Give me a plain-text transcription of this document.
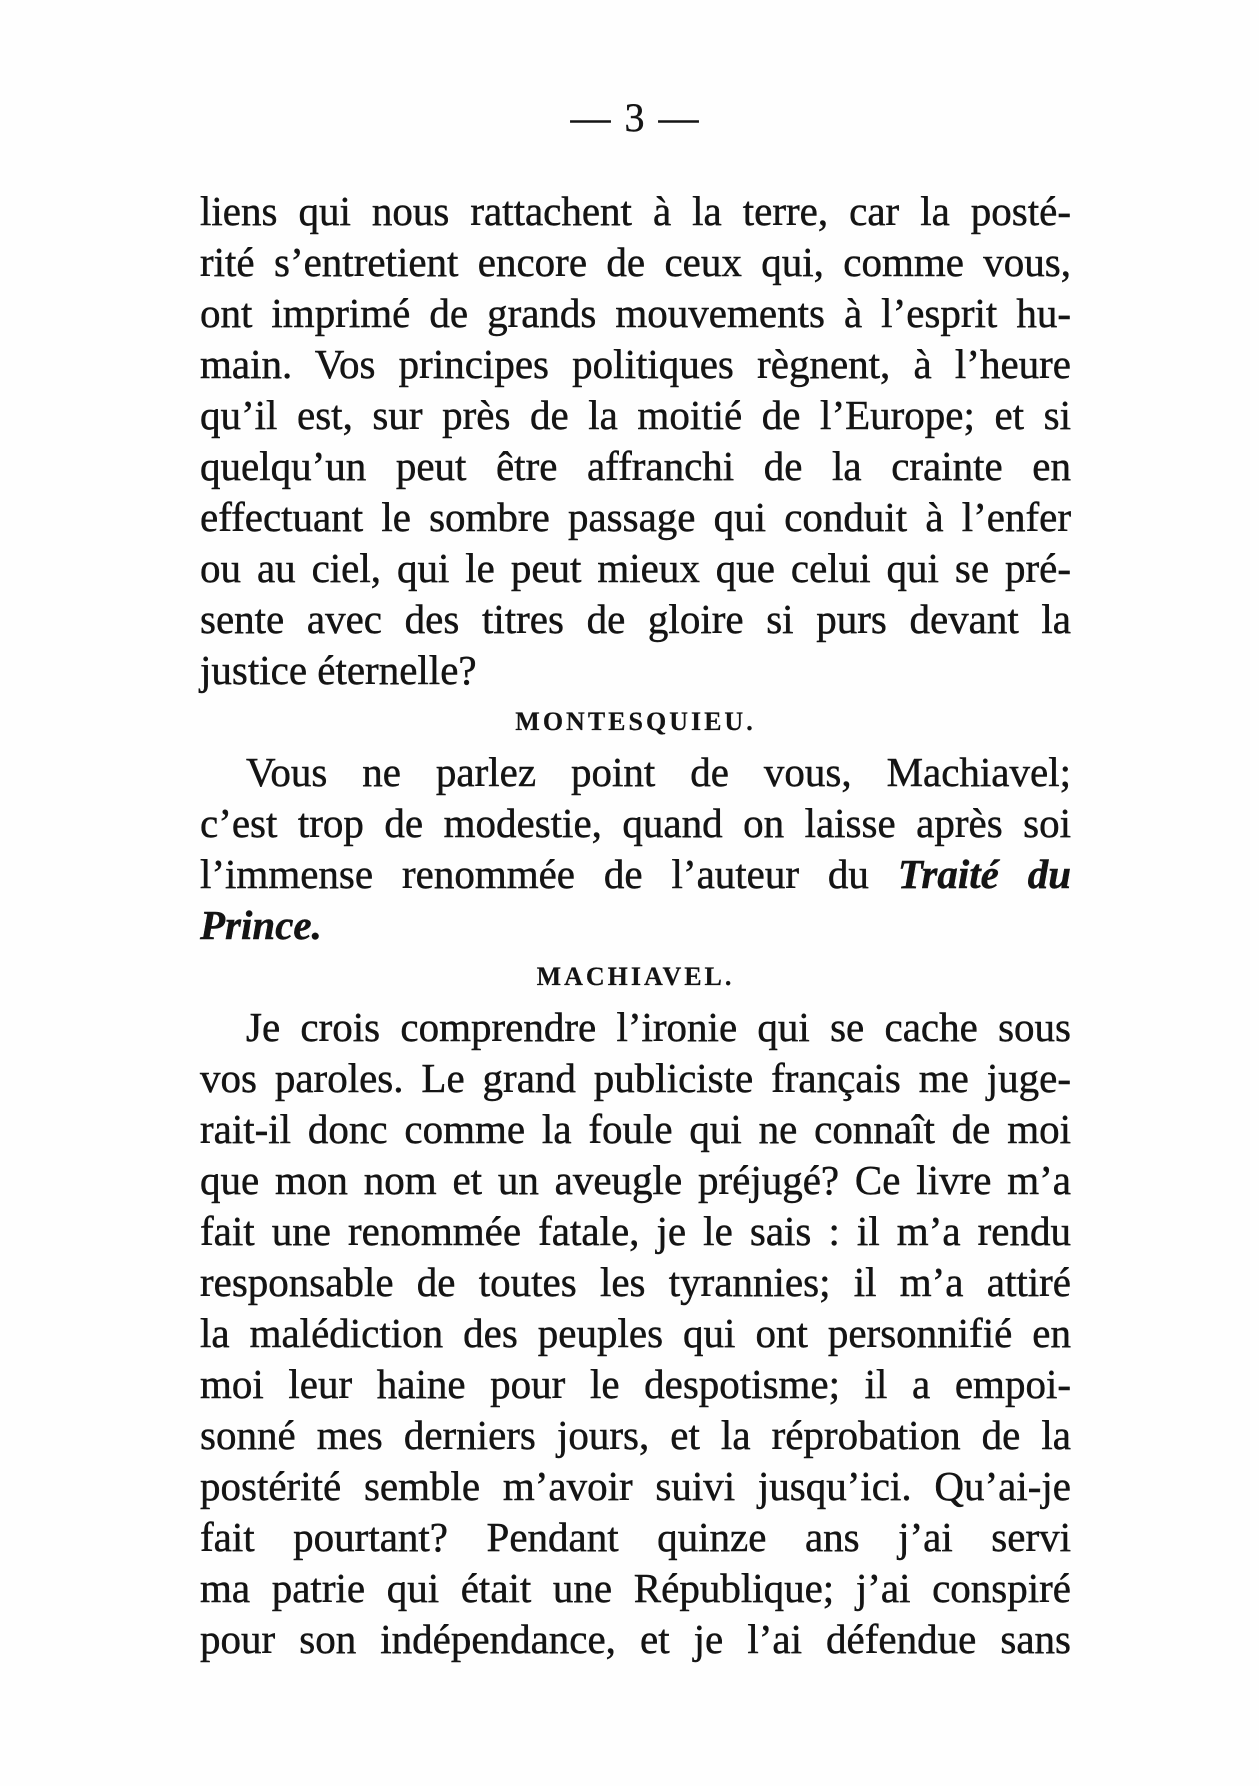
— 3 —
liens qui nous rattachent à la terre, car la posté-
rité s’entretient encore de ceux qui, comme vous,
ont imprimé de grands mouvements à l’esprit hu-
main. Vos principes politiques règnent, à l’heure
qu’il est, sur près de la moitié de l’Europe; et si
quelqu’un peut être affranchi de la crainte en
effectuant le sombre passage qui conduit à l’enfer
ou au ciel, qui le peut mieux que celui qui se pré-
sente avec des titres de gloire si purs devant la
justice éternelle?
MONTESQUIEU.
Vous ne parlez point de vous, Machiavel;
c’est trop de modestie, quand on laisse après soi
l’immense renommée de l’auteur du Traité du
Prince.
MACHIAVEL.
Je crois comprendre l’ironie qui se cache sous
vos paroles. Le grand publiciste français me juge-
rait-il donc comme la foule qui ne connaît de moi
que mon nom et un aveugle préjugé? Ce livre m’a
fait une renommée fatale, je le sais : il m’a rendu
responsable de toutes les tyrannies; il m’a attiré
la malédiction des peuples qui ont personnifié en
moi leur haine pour le despotisme; il a empoi-
sonné mes derniers jours, et la réprobation de la
postérité semble m’avoir suivi jusqu’ici. Qu’ai-je
fait pourtant? Pendant quinze ans j’ai servi
ma patrie qui était une République; j’ai conspiré
pour son indépendance, et je l’ai défendue sans
